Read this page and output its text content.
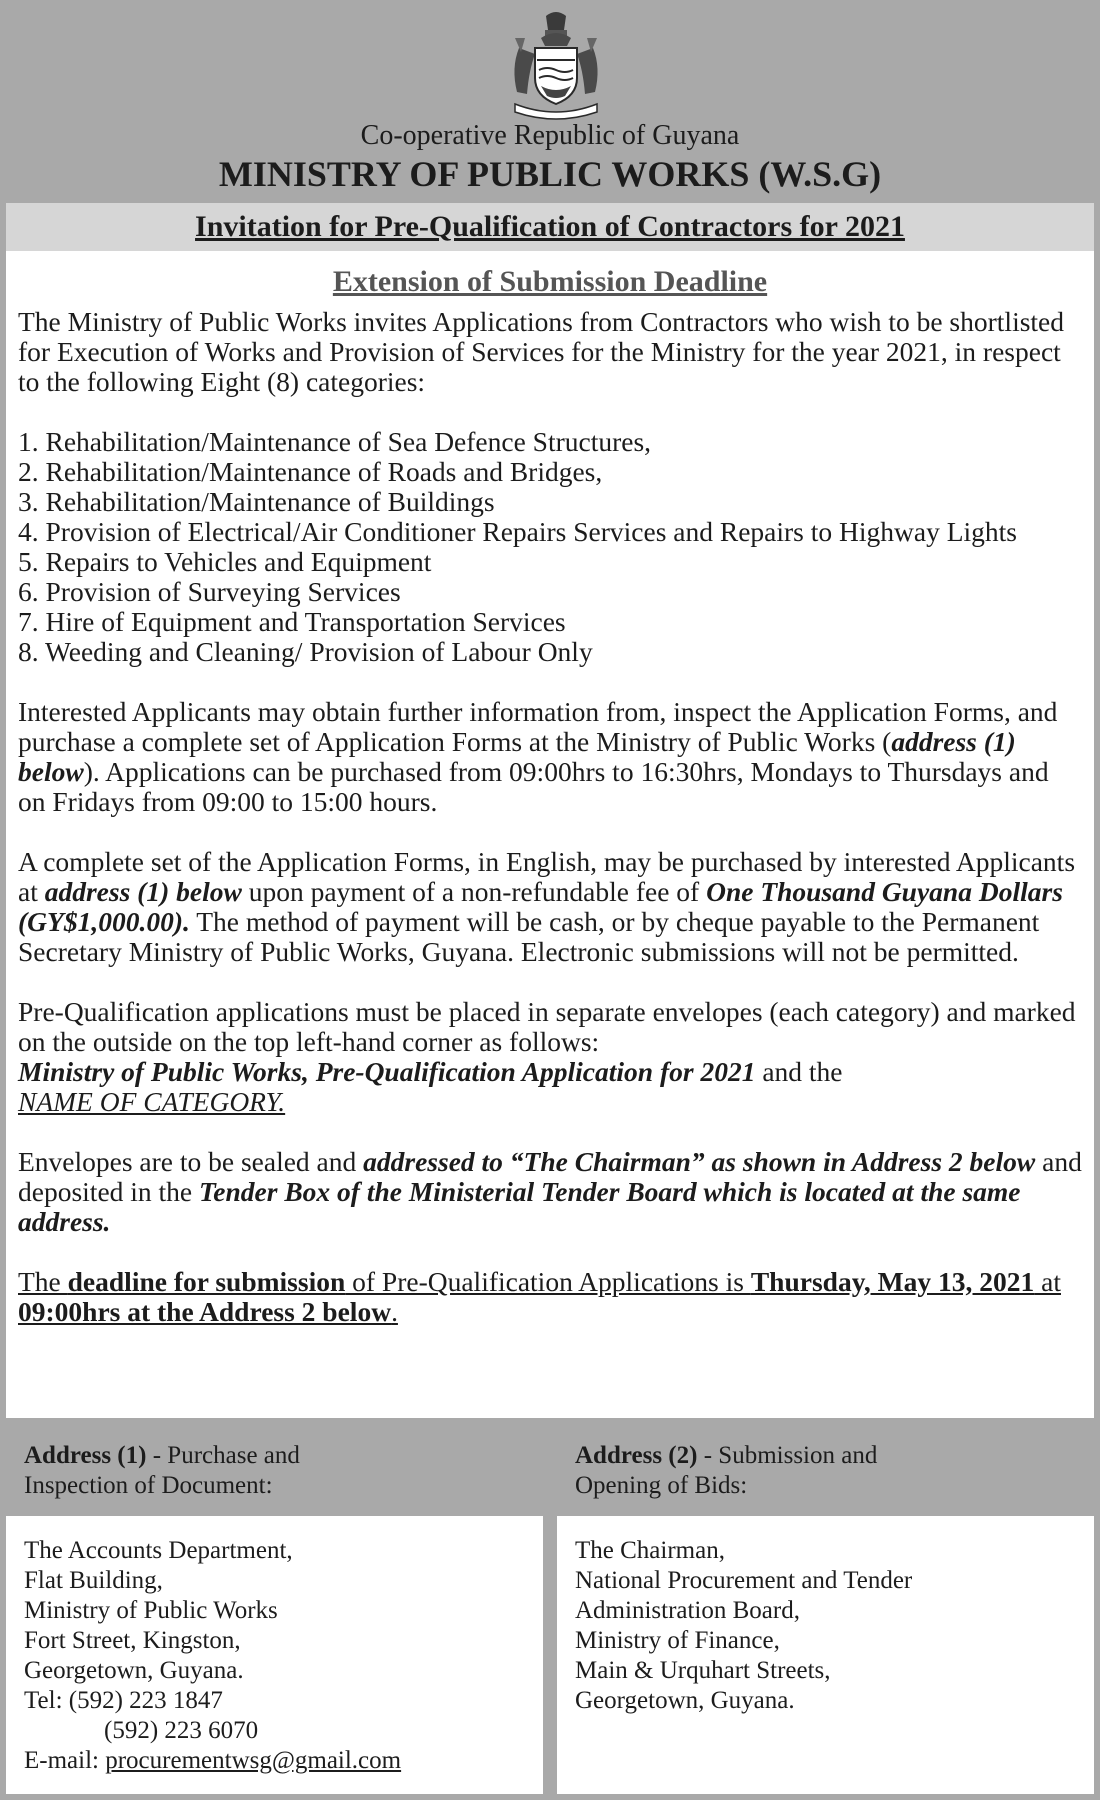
Co-operative Republic of Guyana
MINISTRY OF PUBLIC WORKS (W.S.G)
Invitation for Pre-Qualification of Contractors for 2021
Extension of Submission Deadline

The Ministry of Public Works invites Applications from Contractors who wish to be shortlisted for Execution of Works and Provision of Services for the Ministry for the year 2021, in respect to the following Eight (8) categories:

1. Rehabilitation/Maintenance of Sea Defence Structures,
2. Rehabilitation/Maintenance of Roads and Bridges,
3. Rehabilitation/Maintenance of Buildings
4. Provision of Electrical/Air Conditioner Repairs Services and Repairs to Highway Lights
5. Repairs to Vehicles and Equipment
6. Provision of Surveying Services
7. Hire of Equipment and Transportation Services
8. Weeding and Cleaning/ Provision of Labour Only

Interested Applicants may obtain further information from, inspect the Application Forms, and purchase a complete set of Application Forms at the Ministry of Public Works (address (1) below). Applications can be purchased from 09:00hrs to 16:30hrs, Mondays to Thursdays and on Fridays from 09:00 to 15:00 hours.

A complete set of the Application Forms, in English, may be purchased by interested Applicants at address (1) below upon payment of a non-refundable fee of One Thousand Guyana Dollars (GY$1,000.00). The method of payment will be cash, or by cheque payable to the Permanent Secretary Ministry of Public Works, Guyana. Electronic submissions will not be permitted.

Pre-Qualification applications must be placed in separate envelopes (each category) and marked on the outside on the top left-hand corner as follows:
Ministry of Public Works, Pre-Qualification Application for 2021 and the
NAME OF CATEGORY.

Envelopes are to be sealed and addressed to “The Chairman” as shown in Address 2 below and deposited in the Tender Box of the Ministerial Tender Board which is located at the same address.

The deadline for submission of Pre-Qualification Applications is Thursday, May 13, 2021 at 09:00hrs at the Address 2 below.

Address (1) - Purchase and
Inspection of Document:
The Accounts Department,
Flat Building,
Ministry of Public Works
Fort Street, Kingston,
Georgetown, Guyana.
Tel: (592) 223 1847
(592) 223 6070
E-mail: procurementwsg@gmail.com
Address (2) - Submission and
Opening of Bids:
The Chairman,
National Procurement and Tender
Administration Board,
Ministry of Finance,
Main & Urquhart Streets,
Georgetown, Guyana.
